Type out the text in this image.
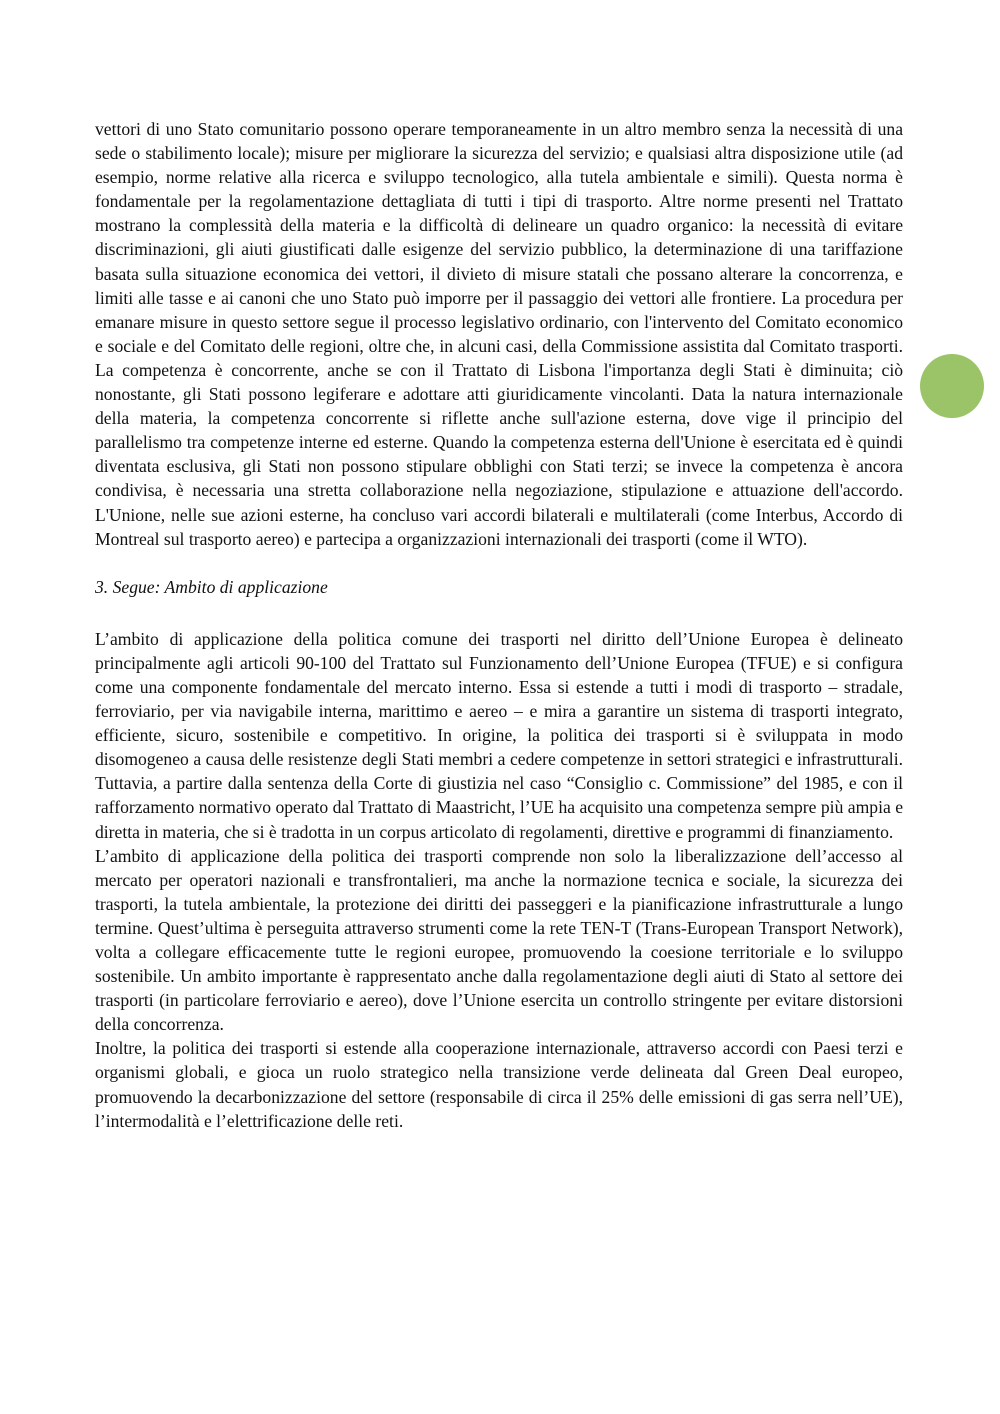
vettori di uno Stato comunitario possono operare temporaneamente in un altro membro senza la necessità di una sede o stabilimento locale); misure per migliorare la sicurezza del servizio; e qualsiasi altra disposizione utile (ad esempio, norme relative alla ricerca e sviluppo tecnologico, alla tutela ambientale e simili). Questa norma è fondamentale per la regolamentazione dettagliata di tutti i tipi di trasporto. Altre norme presenti nel Trattato mostrano la complessità della materia e la difficoltà di delineare un quadro organico: la necessità di evitare discriminazioni, gli aiuti giustificati dalle esigenze del servizio pubblico, la determinazione di una tariffazione basata sulla situazione economica dei vettori, il divieto di misure statali che possano alterare la concorrenza, e limiti alle tasse e ai canoni che uno Stato può imporre per il passaggio dei vettori alle frontiere. La procedura per emanare misure in questo settore segue il processo legislativo ordinario, con l'intervento del Comitato economico e sociale e del Comitato delle regioni, oltre che, in alcuni casi, della Commissione assistita dal Comitato trasporti. La competenza è concorrente, anche se con il Trattato di Lisbona l'importanza degli Stati è diminuita; ciò nonostante, gli Stati possono legiferare e adottare atti giuridicamente vincolanti. Data la natura internazionale della materia, la competenza concorrente si riflette anche sull'azione esterna, dove vige il principio del parallelismo tra competenze interne ed esterne. Quando la competenza esterna dell'Unione è esercitata ed è quindi diventata esclusiva, gli Stati non possono stipulare obblighi con Stati terzi; se invece la competenza è ancora condivisa, è necessaria una stretta collaborazione nella negoziazione, stipulazione e attuazione dell'accordo. L'Unione, nelle sue azioni esterne, ha concluso vari accordi bilaterali e multilaterali (come Interbus, Accordo di Montreal sul trasporto aereo) e partecipa a organizzazioni internazionali dei trasporti (come il WTO).

3. Segue: Ambito di applicazione

L’ambito di applicazione della politica comune dei trasporti nel diritto dell’Unione Europea è delineato principalmente agli articoli 90-100 del Trattato sul Funzionamento dell’Unione Europea (TFUE) e si configura come una componente fondamentale del mercato interno. Essa si estende a tutti i modi di trasporto – stradale, ferroviario, per via navigabile interna, marittimo e aereo – e mira a garantire un sistema di trasporti integrato, efficiente, sicuro, sostenibile e competitivo. In origine, la politica dei trasporti si è sviluppata in modo disomogeneo a causa delle resistenze degli Stati membri a cedere competenze in settori strategici e infrastrutturali. Tuttavia, a partire dalla sentenza della Corte di giustizia nel caso “Consiglio c. Commissione” del 1985, e con il rafforzamento normativo operato dal Trattato di Maastricht, l’UE ha acquisito una competenza sempre più ampia e diretta in materia, che si è tradotta in un corpus articolato di regolamenti, direttive e programmi di finanziamento.

L’ambito di applicazione della politica dei trasporti comprende non solo la liberalizzazione dell’accesso al mercato per operatori nazionali e transfrontalieri, ma anche la normazione tecnica e sociale, la sicurezza dei trasporti, la tutela ambientale, la protezione dei diritti dei passeggeri e la pianificazione infrastrutturale a lungo termine. Quest’ultima è perseguita attraverso strumenti come la rete TEN-T (Trans-European Transport Network), volta a collegare efficacemente tutte le regioni europee, promuovendo la coesione territoriale e lo sviluppo sostenibile. Un ambito importante è rappresentato anche dalla regolamentazione degli aiuti di Stato al settore dei trasporti (in particolare ferroviario e aereo), dove l’Unione esercita un controllo stringente per evitare distorsioni della concorrenza.

Inoltre, la politica dei trasporti si estende alla cooperazione internazionale, attraverso accordi con Paesi terzi e organismi globali, e gioca un ruolo strategico nella transizione verde delineata dal Green Deal europeo, promuovendo la decarbonizzazione del settore (responsabile di circa il 25% delle emissioni di gas serra nell’UE), l’intermodalità e l’elettrificazione delle reti.
